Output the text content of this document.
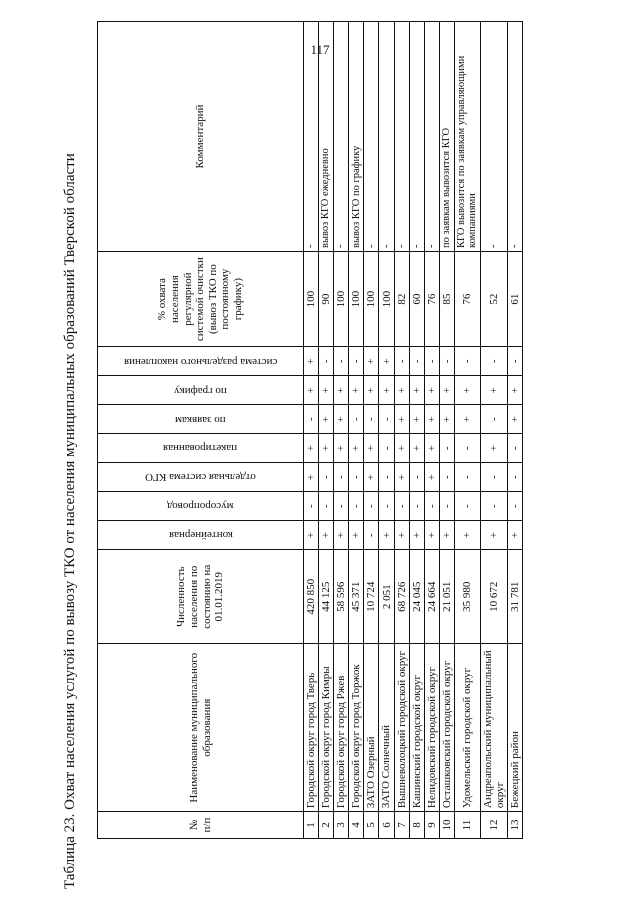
117
Таблица 23. Охват населения услугой по вывозу ТКО от населения муниципальных образований Тверской области	№ п/п	Наименование муниципального образования	Численность населения по состоянию на 01.01.2019	контейнерная	мусоропровод	отдельная система КГО	пакетированная	по заявкам	по графику	система раздельного накопления	% охвата населения регулярной системой очистки (вывоз ТКО по постоянному графику)	Комментарий
1	Городской округ город Тверь	420 850	+	-	+	+	-	+	+	100	-
2	Городской округ город Кимры	44 125	+	-	-	+	+	+	-	90	вывоз КГО ежедневно
3	Городской округ город Ржев	58 596	+	-	-	+	+	+	-	100	-
4	Городской округ город Торжок	45 371	+	-	-	+	-	+	-	100	вывоз КГО по графику
5	ЗАТО Озерный	10 724	-	-	+	+	-	+	+	100	-
6	ЗАТО Солнечный	2 051	+	-	-	-	-	+	+	100	-
7	Вышневолоцкий городской округ	68 726	+	-	+	+	+	+	-	82	-
8	Кашинский городской округ	24 045	+	-	-	+	+	+	-	60	-
9	Нелидовский городской округ	24 664	+	-	+	+	+	+	-	76	-
10	Осташковский городской округ	21 051	+	-	-	-	+	+	-	85	по заявкам вывозится КГО
11	Удомельский городской округ	35 980	+	-	-	-	+	+	-	76	КГО вывозится по заявкам управляющими компаниями
12	Андреапольский муниципальный округ	10 672	+	-	-	+	-	+	-	52	-
13	Бежецкий район	31 781	+	-	-	-	+	+	-	61	-
